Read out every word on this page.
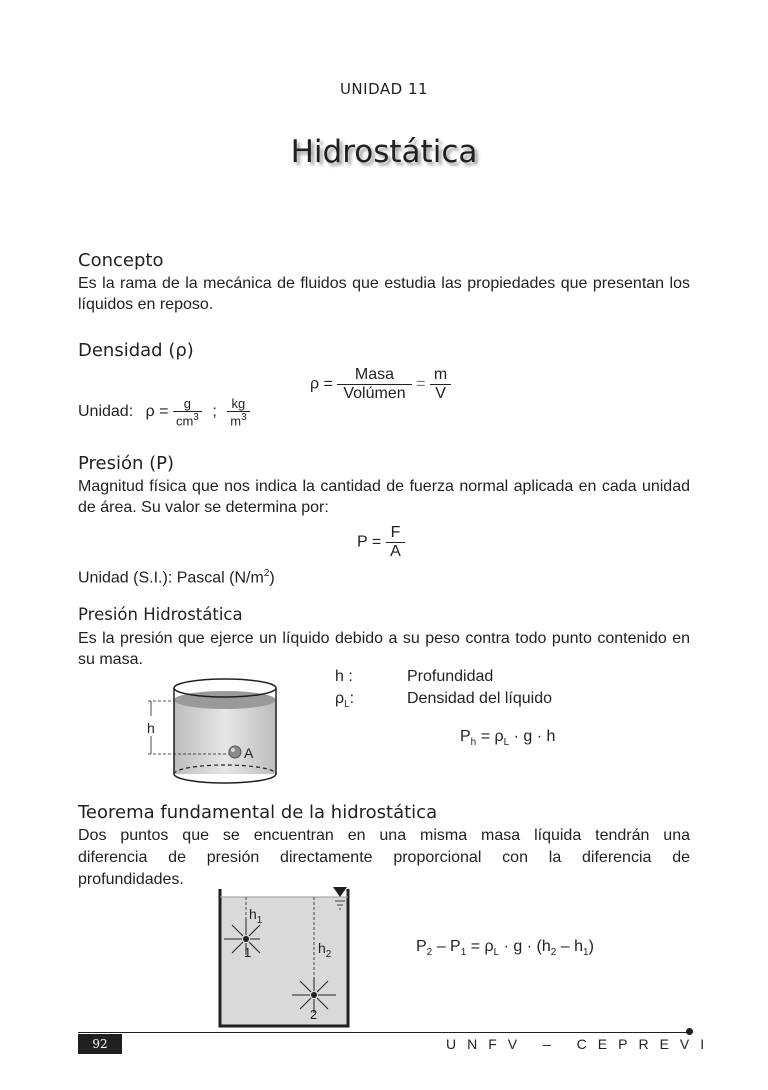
UNIDAD 11
Hidrostática
Concepto
Es la rama de la mecánica de fluidos que estudia las propiedades que presentan los líquidos en reposo.
Densidad (ρ)
$\rho = \frac{\text{Masa}}{\text{Volúmen}} = \frac{m}{V}$
Unidad: $\rho = \frac{g}{cm^3}$ ; $\frac{kg}{m^3}$
Presión (P)
Magnitud física que nos indica la cantidad de fuerza normal aplicada en cada unidad de área. Su valor se determina por:
$P = \frac{F}{A}$
Unidad (S.I.): Pascal $(N/m^2)$
Presión Hidrostática
Es la presión que ejerce un líquido debido a su peso contra todo punto contenido en su masa.
h :	Profundidad
$\rho_L$:	Densidad del líquido
$P_h = \rho_L \cdot g \cdot h$
h
A
Teorema fundamental de la hidrostática
Dos puntos que se encuentran en una misma masa líquida tendrán una
diferencia de presión directamente proporcional con la diferencia de
profundidades.
$h_1$
$h_2$
1
2
$P_2 - P_1 = \rho_L \cdot g \cdot (h_2 - h_1)$
92	UNFV – CEPREVI
